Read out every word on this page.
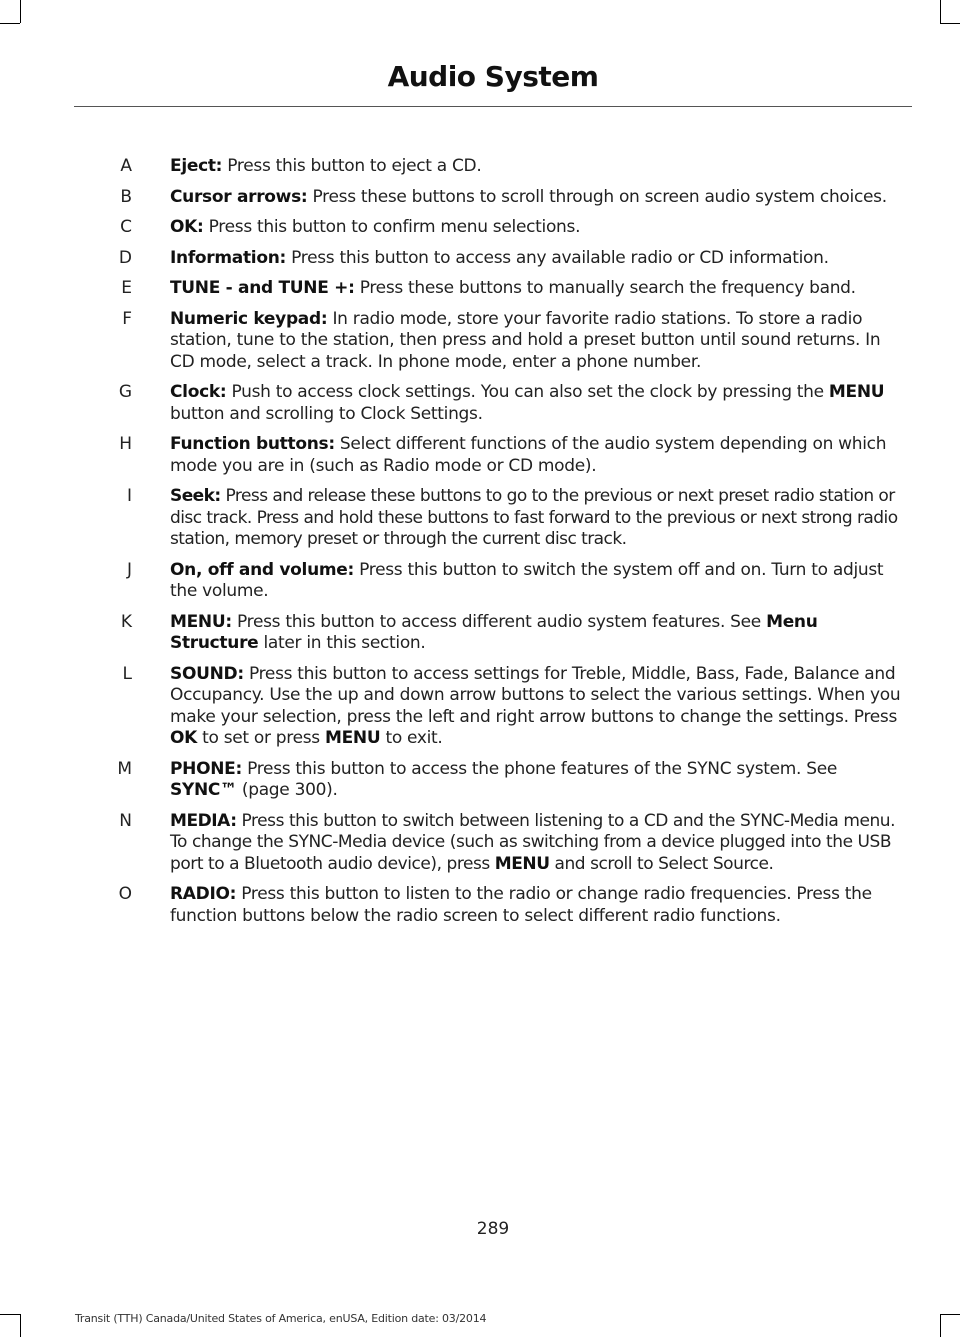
Audio System
A	Eject: Press this button to eject a CD.
B	Cursor arrows: Press these buttons to scroll through on screen audio system choices.
C	OK: Press this button to confirm menu selections.
D	Information: Press this button to access any available radio or CD information.
E	TUNE - and TUNE +: Press these buttons to manually search the frequency band.
F	Numeric keypad: In radio mode, store your favorite radio stations. To store a radio station, tune to the station, then press and hold a preset button until sound returns. In CD mode, select a track. In phone mode, enter a phone number.
G	Clock: Push to access clock settings. You can also set the clock by pressing the MENU button and scrolling to Clock Settings.
H	Function buttons: Select different functions of the audio system depending on which mode you are in (such as Radio mode or CD mode).
I	Seek: Press and release these buttons to go to the previous or next preset radio station or disc track. Press and hold these buttons to fast forward to the previous or next strong radio station, memory preset or through the current disc track.
J	On, off and volume: Press this button to switch the system off and on. Turn to adjust the volume.
K	MENU: Press this button to access different audio system features. See Menu Structure later in this section.
L	SOUND: Press this button to access settings for Treble, Middle, Bass, Fade, Balance and Occupancy. Use the up and down arrow buttons to select the various settings. When you make your selection, press the left and right arrow buttons to change the settings. Press OK to set or press MENU to exit.
M	PHONE: Press this button to access the phone features of the SYNC system. See SYNC™ (page 300).
N	MEDIA: Press this button to switch between listening to a CD and the SYNC-Media menu. To change the SYNC-Media device (such as switching from a device plugged into the USB port to a Bluetooth audio device), press MENU and scroll to Select Source.
O	RADIO: Press this button to listen to the radio or change radio frequencies. Press the function buttons below the radio screen to select different radio functions.
289
Transit (TTH) Canada/United States of America, enUSA, Edition date: 03/2014
